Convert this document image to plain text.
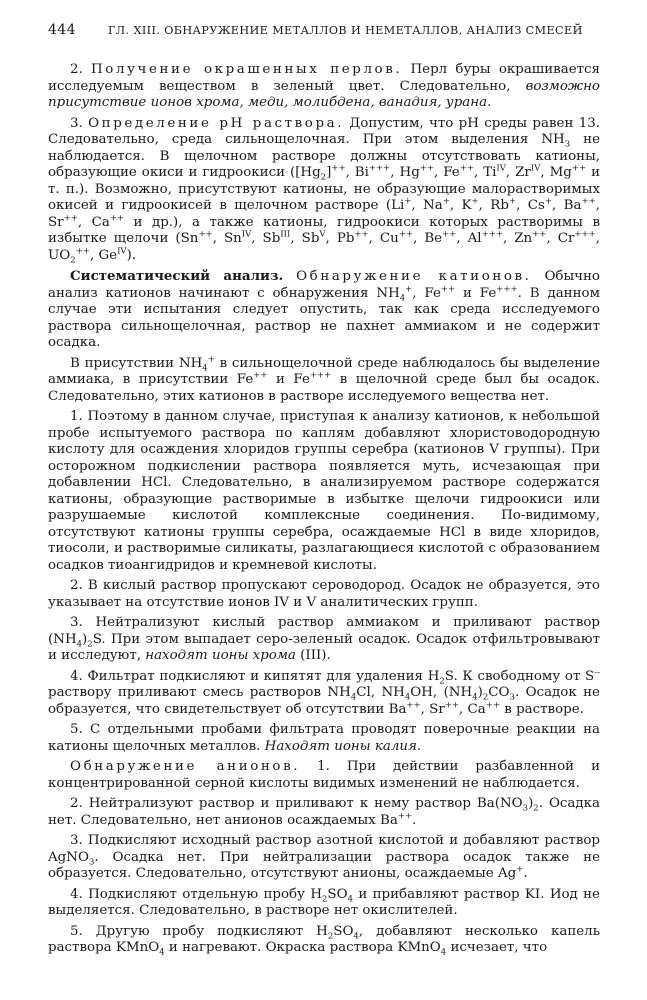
444	ГЛ. XIII. ОБНАРУЖЕНИЕ МЕТАЛЛОВ И НЕМЕТАЛЛОВ, АНАЛИЗ СМЕСЕЙ

2. Получение окрашенных перлов. Перл буры окрашивается исследуемым веществом в зеленый цвет. Следовательно, возможно присутствие ионов хрома, меди, молибдена, ванадия, урана.

3. Определение pH раствора. Допустим, что pH среды равен 13. Следовательно, среда сильнощелочная. При этом выделения $NH_3$ не наблюдается. В щелочном растворе должны отсутствовать катионы, образующие окиси и гидроокиси ($[Hg_2]^{++}$, Bi+++, Hg++, Fe++, $Ti^{IV}$, $Zr^{IV}$, Mg++ и т. п.). Возможно, присутствуют катионы, не образующие малорастворимых окисей и гидроокисей в щелочном растворе (Li+, Na+, K+, Rb+, Cs+, Ba++, Sr++, Ca++ и др.), а также катионы, гидроокиси которых растворимы в избытке щелочи (Sn++, $Sn^{IV}$, $Sb^{III}$, $Sb^V$, Pb++, Cu++, Be++, Al+++, Zn++, Cr+++, $UO_2^{++}$, $Ge^{IV}$).

Систематический анализ. Обнаружение катионов. Обычно анализ катионов начинают с обнаружения $NH_4^+$, Fe++ и Fe+++. В данном случае эти испытания следует опустить, так как среда исследуемого раствора сильнощелочная, раствор не пахнет аммиаком и не содержит осадка.

В присутствии $NH_4^+$ в сильнощелочной среде наблюдалось бы выделение аммиака, в присутствии Fe++ и Fe+++ в щелочной среде был бы осадок. Следовательно, этих катионов в растворе исследуемого вещества нет.

1. Поэтому в данном случае, приступая к анализу катионов, к небольшой пробе испытуемого раствора по каплям добавляют хлористоводородную кислоту для осаждения хлоридов группы серебра (катионов V группы). При осторожном подкислении раствора появляется муть, исчезающая при добавлении HCl. Следовательно, в анализируемом растворе содержатся катионы, образующие растворимые в избытке щелочи гидроокиси или разрушаемые кислотой комплексные соединения. По-видимому, отсутствуют катионы группы серебра, осаждаемые HCl в виде хлоридов, тиосоли, и растворимые силикаты, разлагающиеся кислотой с образованием осадков тиоангидридов и кремневой кислоты.

2. В кислый раствор пропускают сероводород. Осадок не образуется, это указывает на отсутствие ионов IV и V аналитических групп.

3. Нейтрализуют кислый раствор аммиаком и приливают раствор $(NH_4)_2S$. При этом выпадает серо-зеленый осадок. Осадок отфильтровывают и исследуют, находят ионы хрома (III).

4. Фильтрат подкисляют и кипятят для удаления $H_2S$. К свободному от S-- раствору приливают смесь растворов $NH_4Cl$, $NH_4OH$, $(NH_4)_2CO_3$. Осадок не образуется, что свидетельствует об отсутствии Ba++, Sr++, Ca++ в растворе.

5. С отдельными пробами фильтрата проводят поверочные реакции на катионы щелочных металлов. Находят ионы калия.

Обнаружение анионов. 1. При действии разбавленной и концентрированной серной кислоты видимых изменений не наблюдается.

2. Нейтрализуют раствор и приливают к нему раствор $Ba(NO_3)_2$. Осадка нет. Следовательно, нет анионов осаждаемых Ba++.

3. Подкисляют исходный раствор азотной кислотой и добавляют раствор AgNO$_3$. Осадка нет. При нейтрализации раствора осадок также не образуется. Следовательно, отсутствуют анионы, осаждаемые Ag+.

4. Подкисляют отдельную пробу $H_2SO_4$ и прибавляют раствор KI. Иод не выделяется. Следовательно, в растворе нет окислителей.

5. Другую пробу подкисляют $H_2SO_4$, добавляют несколько капель раствора KMnO$_4$ и нагревают. Окраска раствора KMnO$_4$ исчезает, что
